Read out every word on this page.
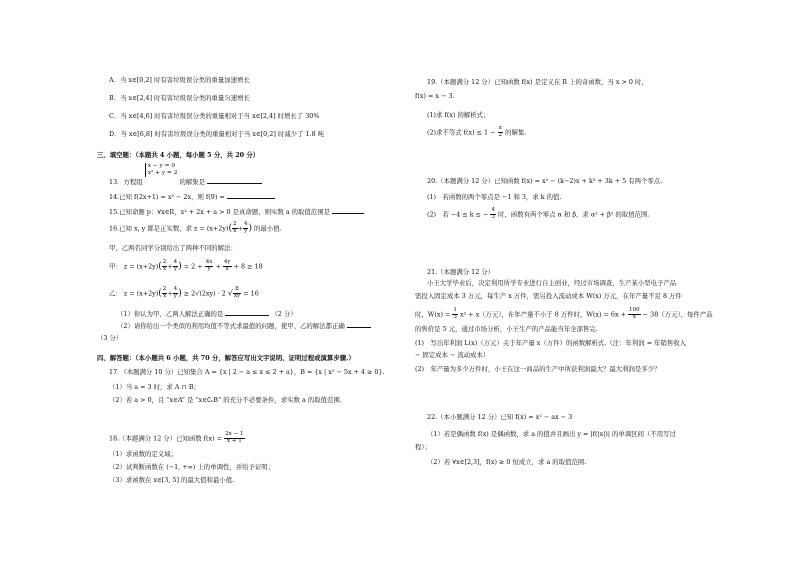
A．当 x∈[0,2] 时有害垃圾误分类的重量加速增长
B．当 x∈[2,4] 时有害垃圾误分类的重量匀速增长
C．当 x∈[4,6] 时有害垃圾误分类的重量相对于当 x∈[2,4] 时增长了 30%
D．当 x∈[6,8] 时有害垃圾误分类的重量相对于当 x∈[0,2] 时减少了 1.8 吨
三、填空题：（本题共 4 小题，每小题 5 分，共 20 分）
13．方程组
x − y = 0
x² + y = 2
的解集是
14.已知 f(2x+1) = x² − 2x，则 f(9) =
15.已知命题 p：∀x∈R，x² + 2x + a > 0 是真命题，则实数 a 的取值范围是
16.已知 x, y 都是正实数，求 $z = (x+2y)( \frac{2}{x} + \frac{4}{y}$ ) 的最小值.
甲、乙两名同学分别给出了两种不同的解法：
甲： $z = (x+2y)( \frac{2}{x} + \frac{4}{y}$ ) = $2 + \frac{4x}{y} + \frac{4y}{x} + 8 \ge 18$
乙： $z = (x+2y)( \frac{2}{x} + \frac{4}{y}$ ) ≥ 2√(2xy) · 2 √ $\frac{8}{xy} = 16$
（1）你认为甲、乙两人解法正确的是	（2 分）
（2）请你给出一个类似的利用均值不等式求最值的问题，使甲、乙的解法都正确
（3 分）
四、解答题：（本小题共 6 小题，共 70 分，解答应写出文字说明、证明过程或演算步骤.）
17．（本题满分 10 分）已知集合 A = {x | 2 − a ≤ x ≤ 2 + a}，B = {x | x² − 5x + 4 ≥ 0}.
（1）当 a = 3 时，求 A ∩ B；
（2）若 a > 0，且 “x∈A” 是 “x∈∁ᵣB” 的充分不必要条件，求实数 a 的取值范围.
18.（本题满分 12 分）已知函数 $f(x) = \frac{2x - 1}{x + 1}$
（1）求函数的定义域；
（2）试判断函数在 (−1, +∞) 上的单调性，并给予证明；
（3）求函数在 x∈[3, 5] 的最大值和最小值.
19.（本题满分 12 分）已知函数 f(x) 是定义在 R 上的奇函数，当 x > 0 时，
f(x) = x − 3.
(1)求 f(x) 的解析式；
(2)求不等式 $f(x) \le 1 - \frac{x}{2}$ 的解集.
20.（本题满分 12 分）已知函数 f(x) = x² − (k−2)x + k² + 3k + 5 有两个零点.
(1)　若函数的两个零点是 −1 和 3，求 k 的值.
(2)　若 −4 ≤ k ≤ − $\frac{4}{3}$ 时，函数有两个零点 α 和 β，求 α² + β² 的取值范围.
21.（本题满分 12 分）
小王大学毕业后，决定利用所学专业进行自主创业，经过市场调查，生产某小型电子产品
需投入固定成本 3 万元，每生产 x 万件，需另投入流动成本 W(x) 万元，在年产量不足 8 万件
时，$W(x) = \frac{1}{3} x^2 + x$（万元），在年产量不小于 8 万件时，$W(x) = 6x + \frac{100}{x} - 38$（万元），每件产品
的售价是 5 元，通过市场分析，小王生产的产品能当年全部售完.
(1)　写出年利润 L(x)（万元）关于年产量 x（万件）的函数解析式.（注：年利润 = 年销售收入
− 固定成本 − 流动成本）
(2)　年产量为多少万件时，小王在这一商品的生产中所获利润最大？最大利润是多少？
22.（本小题满分 12 分）已知 f(x) = x² − ax − 3
（1）若是偶函数 f(x) 是偶函数，求 a 的值并且画出 y = |f(|x|)| 的单调区间（不用写过
程）；
（2）若 ∀x∈[2,3]，f(x) ≥ 0 恒成立，求 a 的取值范围.
